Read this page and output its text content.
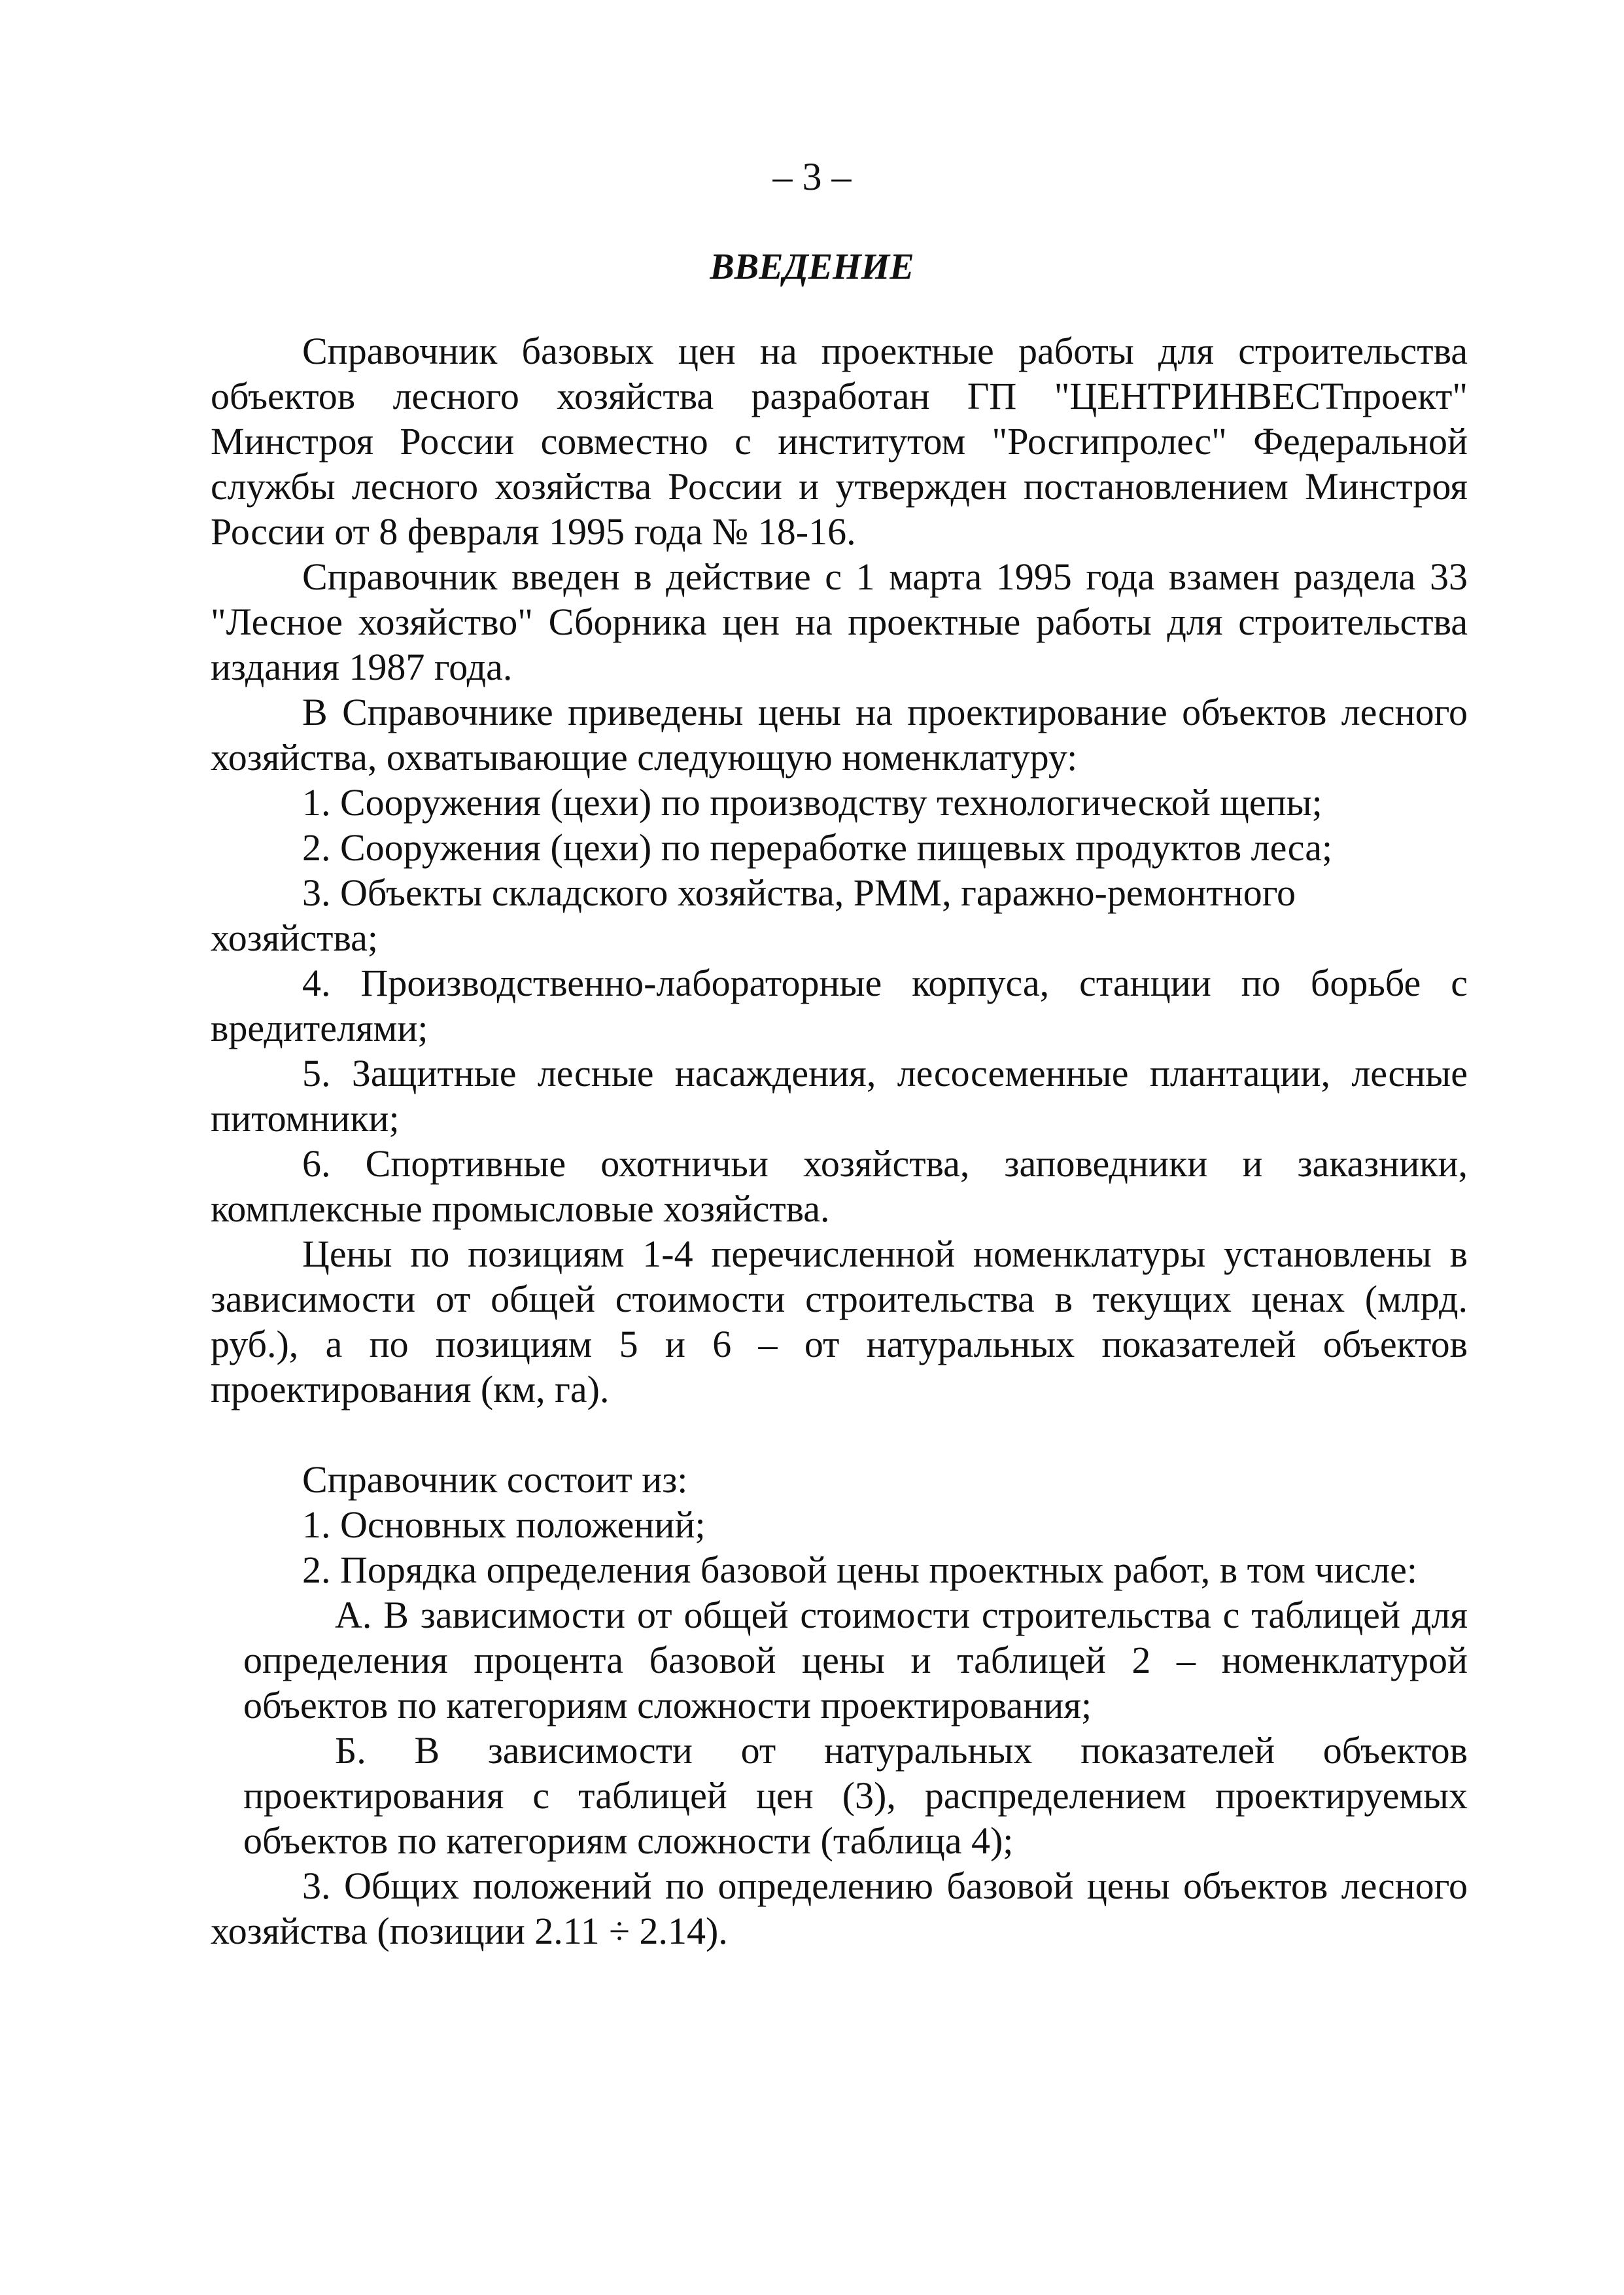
– 3 –
ВВЕДЕНИЕ

Справочник базовых цен на проектные работы для строительства объектов лесного хозяйства разработан ГП "ЦЕНТРИНВЕСТпроект" Минстроя России совместно с институтом "Росгипролес" Федеральной службы лесного хозяйства России и утвержден постановлением Минстроя России от 8 февраля 1995 года № 18-16.

Справочник введен в действие с 1 марта 1995 года взамен раздела 33 "Лесное хозяйство" Сборника цен на проектные работы для строительства издания 1987 года.

В Справочнике приведены цены на проектирование объектов лесного хозяйства, охватывающие следующую номенклатуру:

1. Сооружения (цехи) по производству технологической щепы;

2. Сооружения (цехи) по переработке пищевых продуктов леса;

3. Объекты складского хозяйства, РММ, гаражно-ремонтного хозяйства;

4. Производственно-лабораторные корпуса, станции по борьбе с вредителями;

5. Защитные лесные насаждения, лесосеменные плантации, лесные питомники;

6. Спортивные охотничьи хозяйства, заповедники и заказники, комплексные промысловые хозяйства.

Цены по позициям 1-4 перечисленной номенклатуры установлены в зависимости от общей стоимости строительства в текущих ценах (млрд. руб.), а по позициям 5 и 6 – от натуральных показателей объектов проектирования (км, га).

Справочник состоит из:

1. Основных положений;

2. Порядка определения базовой цены проектных работ, в том числе:

А. В зависимости от общей стоимости строительства с таблицей для определения процента базовой цены и таблицей 2 – номенклатурой объектов по категориям сложности проектирования;

Б. В зависимости от натуральных показателей объектов проектирования с таблицей цен (3), распределением проектируемых объектов по категориям сложности (таблица 4);

3. Общих положений по определению базовой цены объектов лесного хозяйства (позиции 2.11 ÷ 2.14).
